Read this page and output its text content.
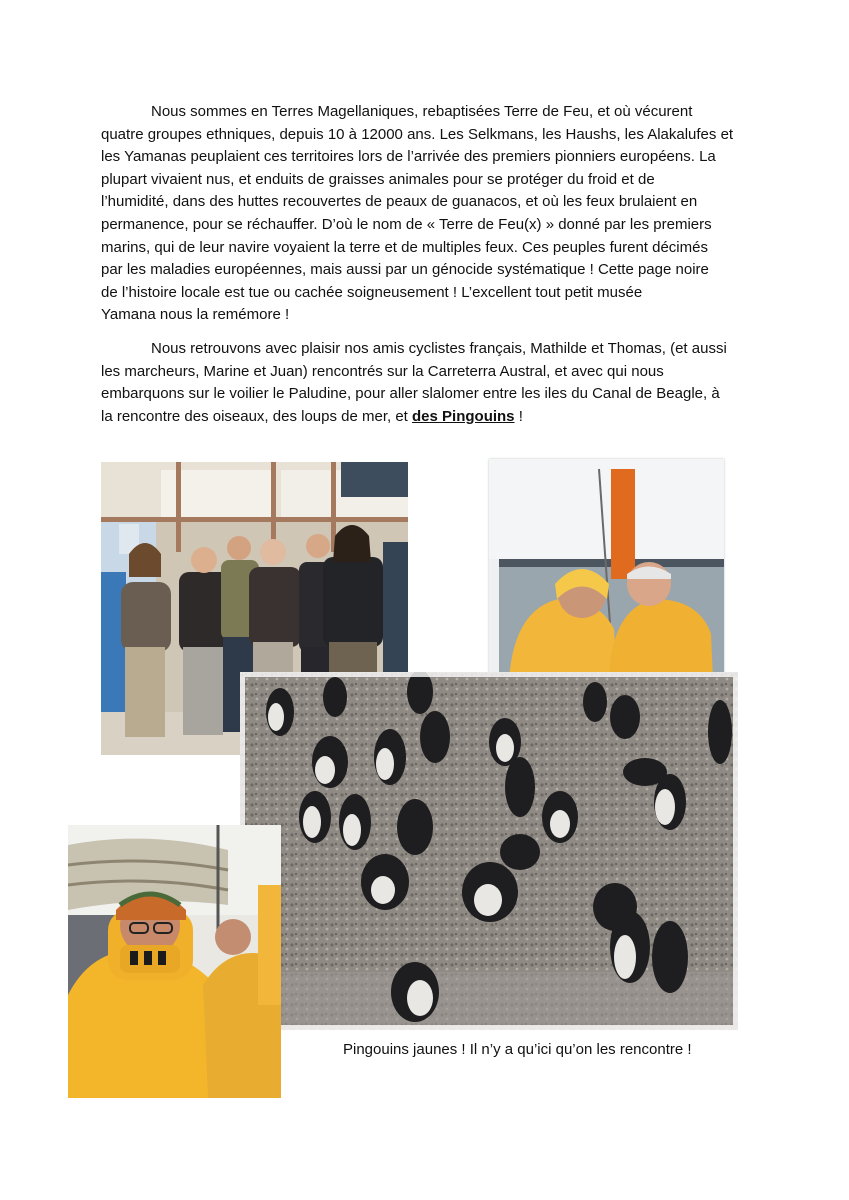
Nous sommes en Terres Magellaniques, rebaptisées Terre de Feu, et où vécurent
quatre groupes ethniques, depuis 10 à 12000 ans. Les Selkmans, les Haushs, les Alakalufes et
les Yamanas peuplaient ces territoires lors de l’arrivée des premiers pionniers européens. La
plupart vivaient nus, et enduits de graisses animales pour se protéger du froid et de
l’humidité, dans des huttes recouvertes de peaux de guanacos, et où les feux brulaient en
permanence, pour se réchauffer. D’où le nom de « Terre de Feu(x) » donné par les premiers
marins, qui de leur navire voyaient la terre et de multiples feux. Ces peuples furent décimés
par les maladies européennes, mais aussi par un génocide systématique ! Cette page noire
de l’histoire locale est tue ou cachée soigneusement ! L’excellent tout petit musée
Yamana nous la remémore !
Nous retrouvons avec plaisir nos amis cyclistes français, Mathilde et Thomas, (et aussi
les marcheurs, Marine et Juan) rencontrés sur la Carreterra Austral, et avec qui nous
embarquons sur le voilier le Paludine, pour aller slalomer entre les iles du Canal de Beagle, à
la rencontre des oiseaux, des loups de mer, et des Pingouins !
Pingouins jaunes ! Il n’y a qu’ici qu’on les rencontre !
